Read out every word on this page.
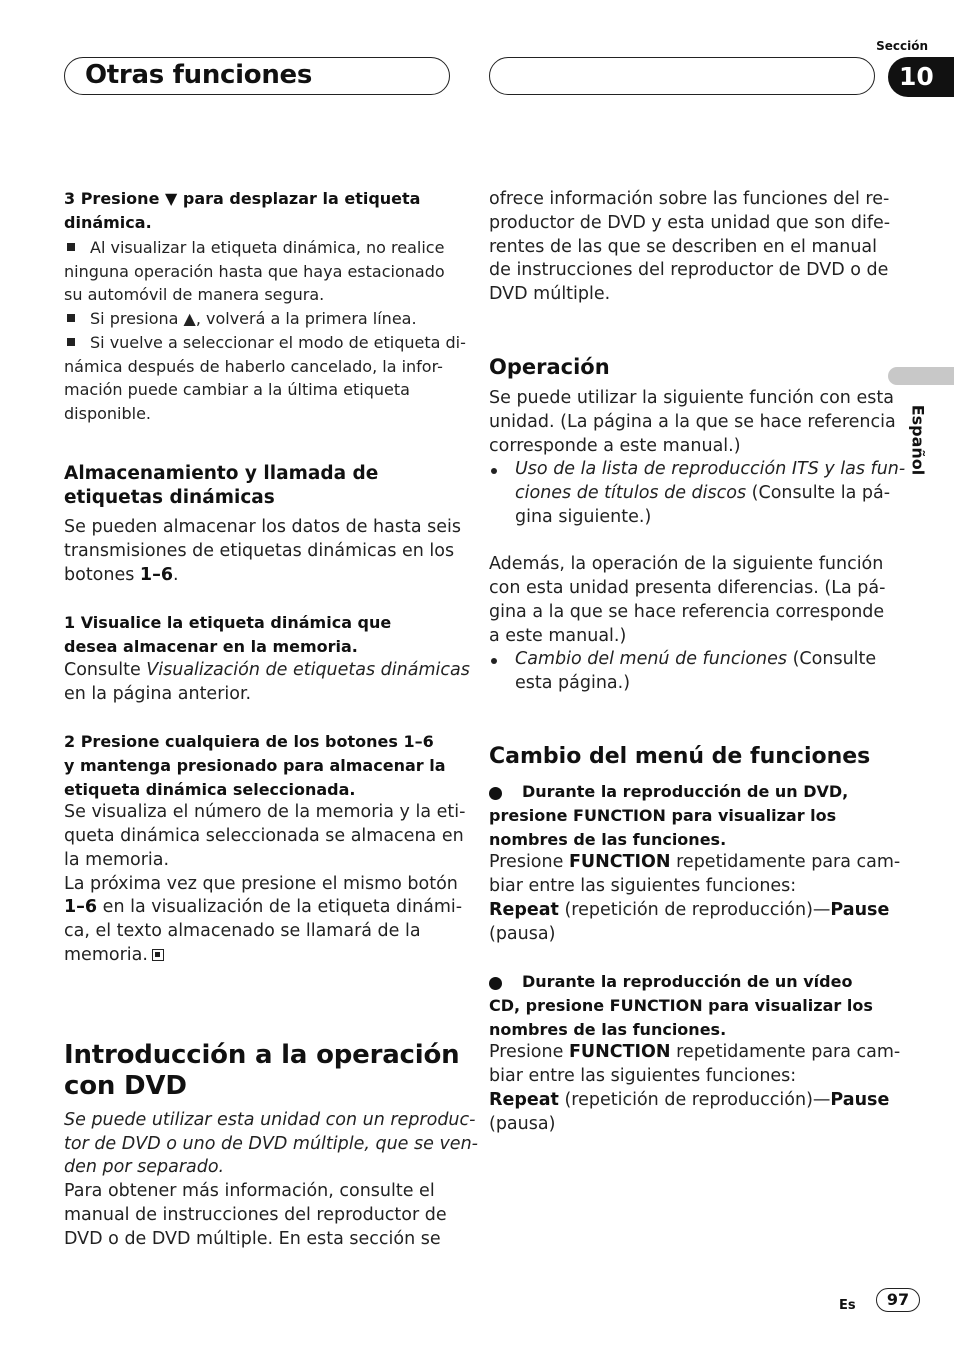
Otras funciones
Sección
10
Español

3 Presione ▼ para desplazar la etiqueta

dinámica.

Al visualizar la etiqueta dinámica, no realice

ninguna operación hasta que haya estacionado

su automóvil de manera segura.

Si presiona ▲, volverá a la primera línea.

Si vuelve a seleccionar el modo de etiqueta di-

námica después de haberlo cancelado, la infor-

mación puede cambiar a la última etiqueta

disponible.

Almacenamiento y llamada de

etiquetas dinámicas

Se pueden almacenar los datos de hasta seis

transmisiones de etiquetas dinámicas en los

botones 1–6.

1 Visualice la etiqueta dinámica que

desea almacenar en la memoria.

Consulte Visualización de etiquetas dinámicas

en la página anterior.

2 Presione cualquiera de los botones 1–6

y mantenga presionado para almacenar la

etiqueta dinámica seleccionada.

Se visualiza el número de la memoria y la eti-

queta dinámica seleccionada se almacena en

la memoria.

La próxima vez que presione el mismo botón

1–6 en la visualización de la etiqueta dinámi-

ca, el texto almacenado se llamará de la

memoria.

Introducción a la operación

con DVD

Se puede utilizar esta unidad con un reproduc-

tor de DVD o uno de DVD múltiple, que se ven-

den por separado.

Para obtener más información, consulte el

manual de instrucciones del reproductor de

DVD o de DVD múltiple. En esta sección se

ofrece información sobre las funciones del re-

productor de DVD y esta unidad que son dife-

rentes de las que se describen en el manual

de instrucciones del reproductor de DVD o de

DVD múltiple.

Operación

Se puede utilizar la siguiente función con esta

unidad. (La página a la que se hace referencia

corresponde a este manual.)

Uso de la lista de reproducción ITS y las fun-

ciones de títulos de discos (Consulte la pá-

gina siguiente.)

Además, la operación de la siguiente función

con esta unidad presenta diferencias. (La pá-

gina a la que se hace referencia corresponde

a este manual.)

Cambio del menú de funciones (Consulte

esta página.)

Cambio del menú de funciones

Durante la reproducción de un DVD,

presione FUNCTION para visualizar los

nombres de las funciones.

Presione FUNCTION repetidamente para cam-

biar entre las siguientes funciones:

Repeat (repetición de reproducción)—Pause

(pausa)

Durante la reproducción de un vídeo

CD, presione FUNCTION para visualizar los

nombres de las funciones.

Presione FUNCTION repetidamente para cam-

biar entre las siguientes funciones:

Repeat (repetición de reproducción)—Pause

(pausa)

Es	97
